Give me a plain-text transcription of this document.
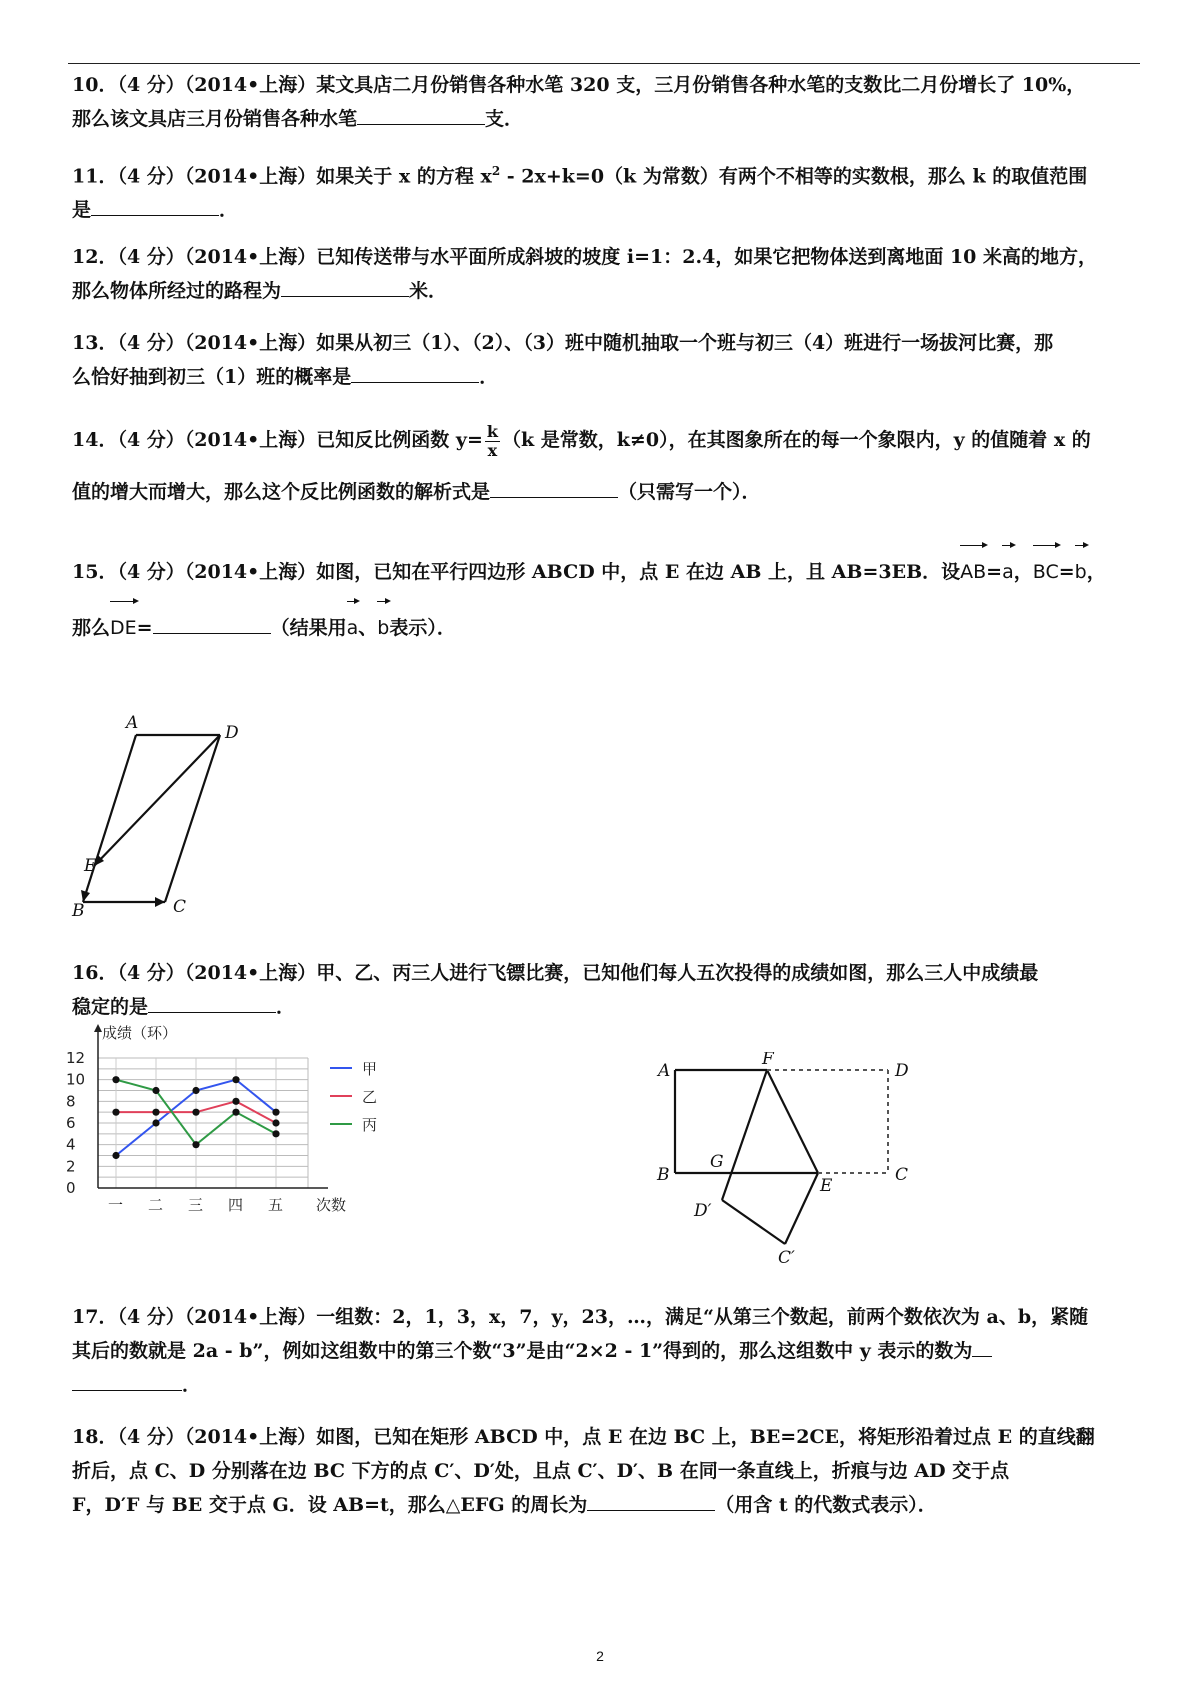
10．（4 分）（2014•上海）某文具店二月份销售各种水笔 320 支，三月份销售各种水笔的支数比二月份增长了 10%，
那么该文具店三月份销售各种水笔	支．
11．（4 分）（2014•上海）如果关于 x 的方程 $x^2 - 2x+k=0(k$ 为常数）有两个不相等的实数根，那么 k 的取值范围
是	．
12．（4 分）（2014•上海）已知传送带与水平面所成斜坡的坡度 i=1：2.4，如果它把物体送到离地面 10 米高的地方，
那么物体所经过的路程为	米．
13．（4 分）（2014•上海）如果从初三（1）、（2）、（3）班中随机抽取一个班与初三（4）班进行一场拔河比赛，那
么恰好抽到初三（1）班的概率是	．
14．（4 分）（2014•上海）已知反比例函数 $y= \frac{k}{x} (k$ 是常数，k≠0），在其图象所在的每一个象限内，y 的值随着 x 的
值的增大而增大，那么这个反比例函数的解析式是	（只需写一个）．
15．（4 分）（2014•上海）如图，已知在平行四边形 ABCD 中，点 E 在边 AB 上，且 AB=3EB．设AB=a，BC=b，
那么DE=	（结果用a、b表示）．
A	D
E
B	C
16．（4 分）（2014•上海）甲、乙、丙三人进行飞镖比赛，已知他们每人五次投得的成绩如图，那么三人中成绩最
稳定的是	．
成绩（环）
次数
0
2
4
6
8
10
12
一 二 三 四 五
甲
乙
丙
A
F
D
B
G
E
C
D′
C′
17．（4 分）（2014•上海）一组数：2，1，3，x，7，y，23，…，满足“从第三个数起，前两个数依次为 a、b，紧随
其后的数就是 2a - b”，例如这组数中的第三个数“3”是由“2×2 - 1”得到的，那么这组数中 y 表示的数为
．
18．（4 分）（2014•上海）如图，已知在矩形 ABCD 中，点 E 在边 BC 上，BE=2CE，将矩形沿着过点 E 的直线翻
折后，点 C、D 分别落在边 BC 下方的点 C′、D′处，且点 C′、D′、B 在同一条直线上，折痕与边 AD 交于点
F，D′F 与 BE 交于点 G．设 AB=t，那么△EFG 的周长为	（用含 t 的代数式表示）．
2
